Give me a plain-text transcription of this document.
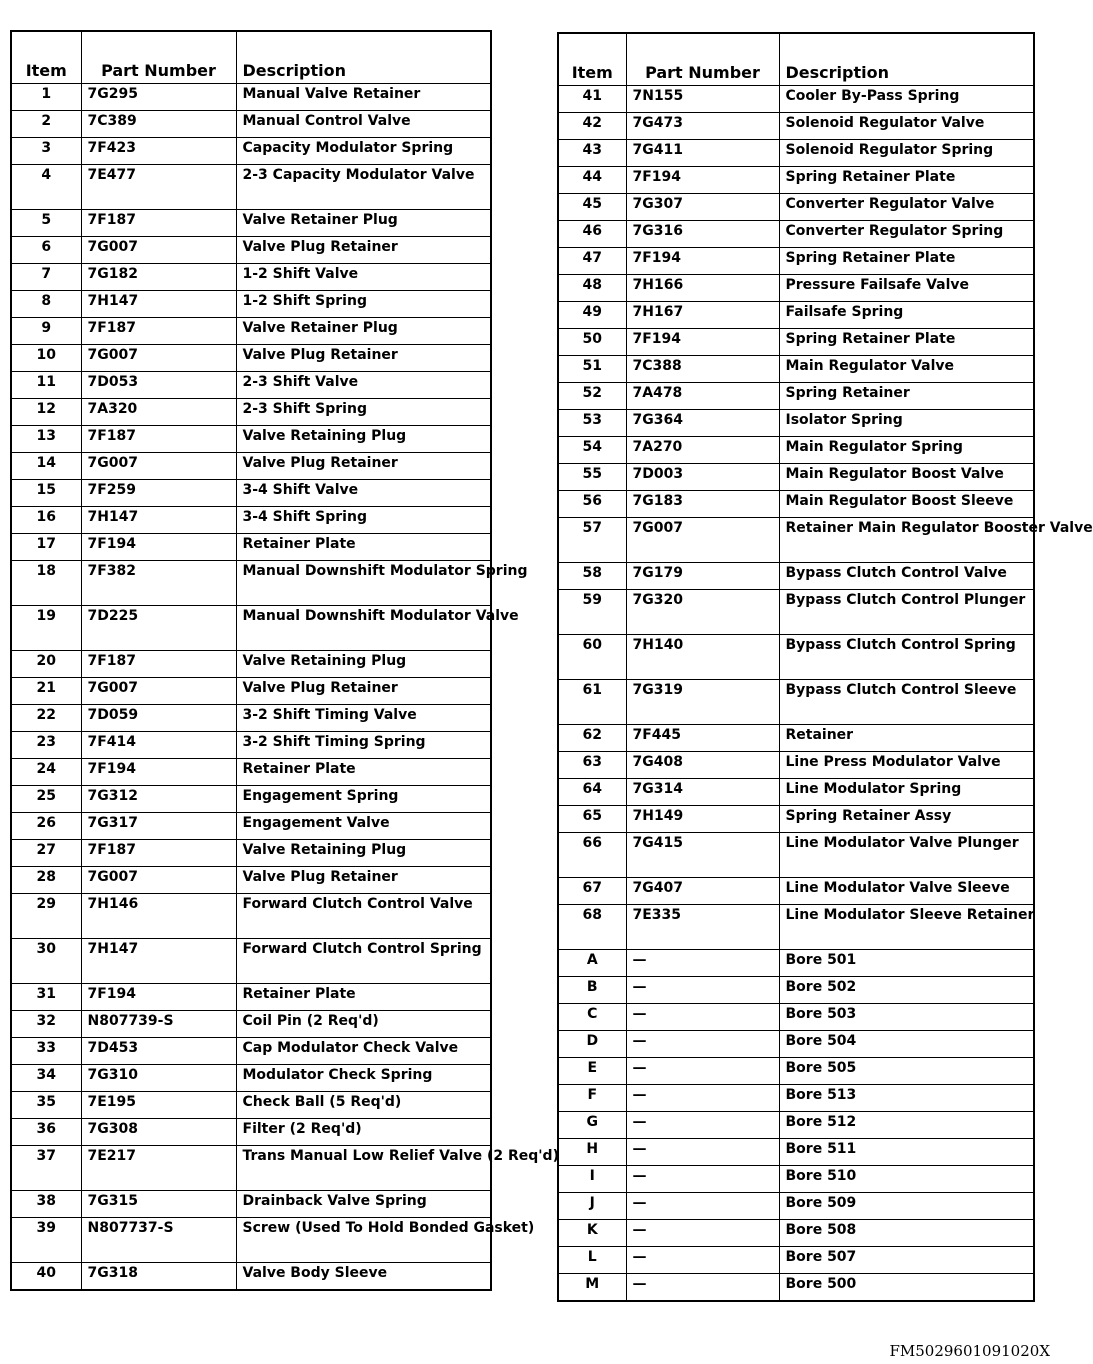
Item	Part Number	Description
1	7G295	Manual Valve Retainer
2	7C389	Manual Control Valve
3	7F423	Capacity Modulator Spring
4	7E477	2-3 Capacity Modulator Valve
5	7F187	Valve Retainer Plug
6	7G007	Valve Plug Retainer
7	7G182	1-2 Shift Valve
8	7H147	1-2 Shift Spring
9	7F187	Valve Retainer Plug
10	7G007	Valve Plug Retainer
11	7D053	2-3 Shift Valve
12	7A320	2-3 Shift Spring
13	7F187	Valve Retaining Plug
14	7G007	Valve Plug Retainer
15	7F259	3-4 Shift Valve
16	7H147	3-4 Shift Spring
17	7F194	Retainer Plate
18	7F382	Manual Downshift Modulator Spring
19	7D225	Manual Downshift Modulator Valve
20	7F187	Valve Retaining Plug
21	7G007	Valve Plug Retainer
22	7D059	3-2 Shift Timing Valve
23	7F414	3-2 Shift Timing Spring
24	7F194	Retainer Plate
25	7G312	Engagement Spring
26	7G317	Engagement Valve
27	7F187	Valve Retaining Plug
28	7G007	Valve Plug Retainer
29	7H146	Forward Clutch Control Valve
30	7H147	Forward Clutch Control Spring
31	7F194	Retainer Plate
32	N807739-S	Coil Pin (2 Req'd)
33	7D453	Cap Modulator Check Valve
34	7G310	Modulator Check Spring
35	7E195	Check Ball (5 Req'd)
36	7G308	Filter (2 Req'd)
37	7E217	Trans Manual Low Relief Valve (2 Req'd)
38	7G315	Drainback Valve Spring
39	N807737-S	Screw (Used To Hold Bonded Gasket)
40	7G318	Valve Body Sleeve
Item	Part Number	Description
41	7N155	Cooler By-Pass Spring
42	7G473	Solenoid Regulator Valve
43	7G411	Solenoid Regulator Spring
44	7F194	Spring Retainer Plate
45	7G307	Converter Regulator Valve
46	7G316	Converter Regulator Spring
47	7F194	Spring Retainer Plate
48	7H166	Pressure Failsafe Valve
49	7H167	Failsafe Spring
50	7F194	Spring Retainer Plate
51	7C388	Main Regulator Valve
52	7A478	Spring Retainer
53	7G364	Isolator Spring
54	7A270	Main Regulator Spring
55	7D003	Main Regulator Boost Valve
56	7G183	Main Regulator Boost Sleeve
57	7G007	Retainer Main Regulator Booster Valve
58	7G179	Bypass Clutch Control Valve
59	7G320	Bypass Clutch Control Plunger
60	7H140	Bypass Clutch Control Spring
61	7G319	Bypass Clutch Control Sleeve
62	7F445	Retainer
63	7G408	Line Press Modulator Valve
64	7G314	Line Modulator Spring
65	7H149	Spring Retainer Assy
66	7G415	Line Modulator Valve Plunger
67	7G407	Line Modulator Valve Sleeve
68	7E335	Line Modulator Sleeve Retainer
A	—	Bore 501
B	—	Bore 502
C	—	Bore 503
D	—	Bore 504
E	—	Bore 505
F	—	Bore 513
G	—	Bore 512
H	—	Bore 511
I	—	Bore 510
J	—	Bore 509
K	—	Bore 508
L	—	Bore 507
M	—	Bore 500
FM5029601091020X
